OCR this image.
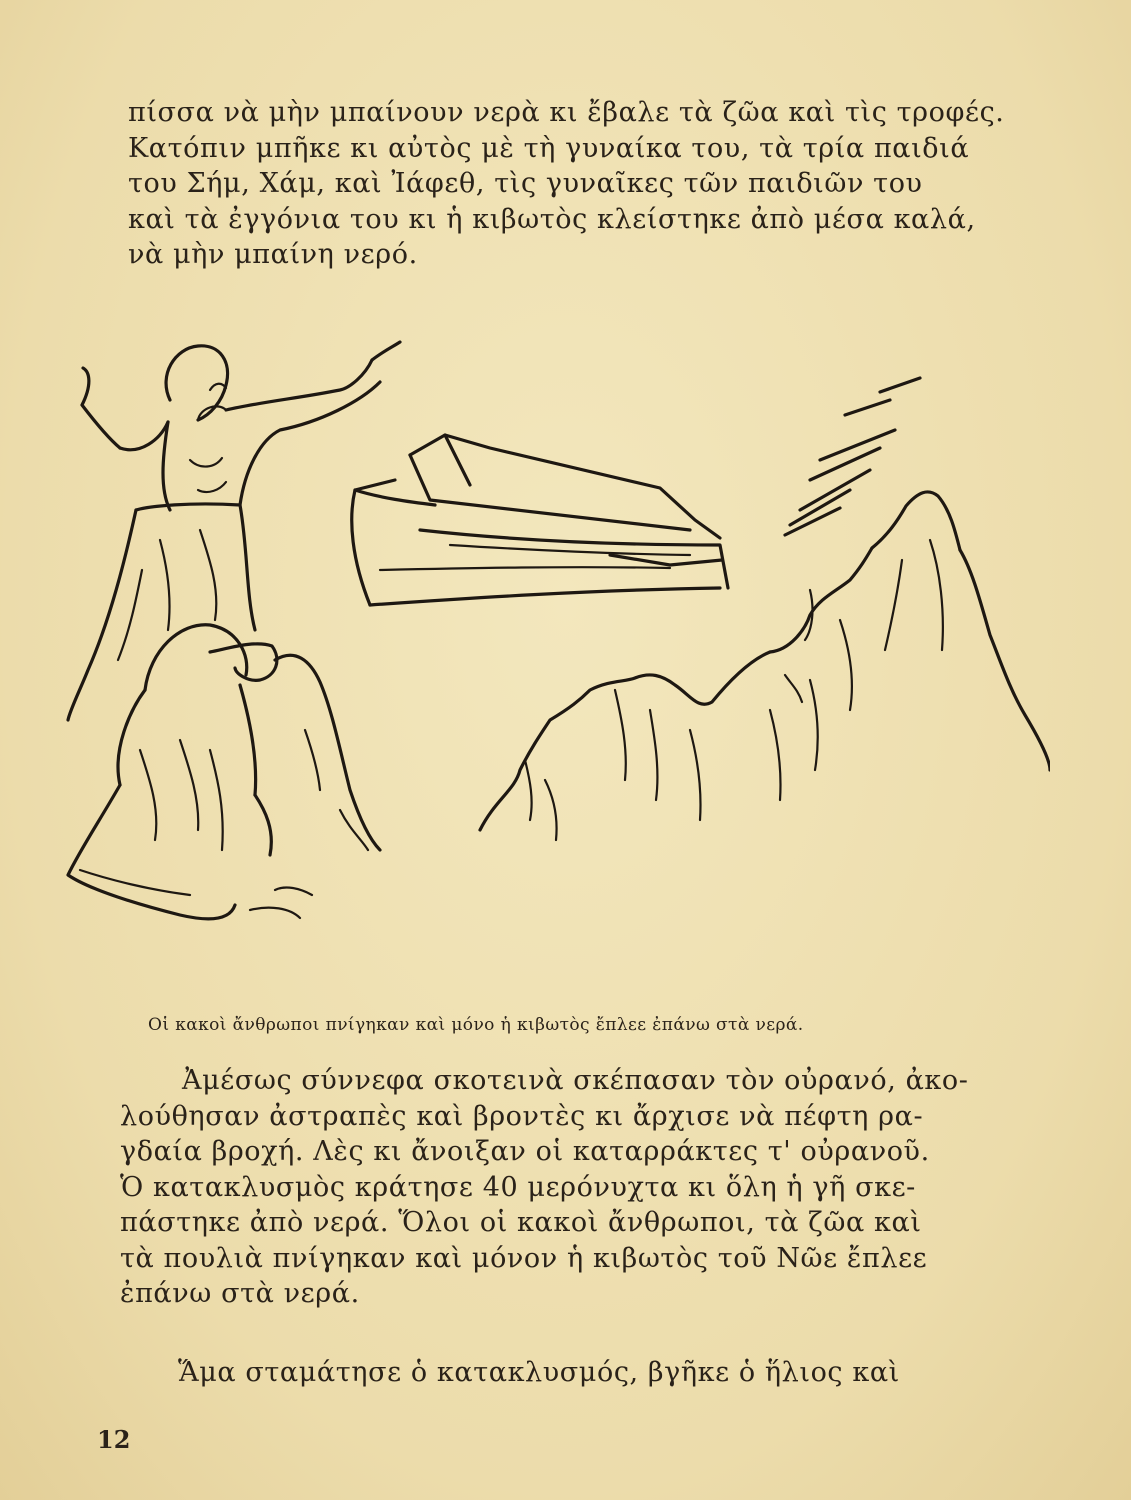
πίσσα νὰ μὴν μπαίνουν νερὰ κι ἔβαλε τὰ ζῶα καὶ τὶς τροφές.
Κατόπιν μπῆκε κι αὐτὸς μὲ τὴ γυναίκα του, τὰ τρία παιδιά
του Σήμ, Χάμ, καὶ Ἰάφεθ, τὶς γυναῖκες τῶν παιδιῶν του
καὶ τὰ ἐγγόνια του κι ἡ κιβωτὸς κλείστηκε ἀπὸ μέσα καλά,
νὰ μὴν μπαίνη νερό.

Οἱ κακοὶ ἄνθρωποι πνίγηκαν καὶ μόνο ἡ κιβωτὸς ἔπλεε ἐπάνω στὰ νερά.

Ἀμέσως σύννεφα σκοτεινὰ σκέπασαν τὸν οὐρανό, ἀκο-
λούθησαν ἀστραπὲς καὶ βροντὲς κι ἄρχισε νὰ πέφτη ρα-
γδαία βροχή. Λὲς κι ἄνοιξαν οἱ καταρράκτες τ' οὐρανοῦ.
Ὁ κατακλυσμὸς κράτησε 40 μερόνυχτα κι ὅλη ἡ γῆ σκε-
πάστηκε ἀπὸ νερά. Ὅλοι οἱ κακοὶ ἄνθρωποι, τὰ ζῶα καὶ
τὰ πουλιὰ πνίγηκαν καὶ μόνον ἡ κιβωτὸς τοῦ Νῶε ἔπλεε
ἐπάνω στὰ νερά.

Ἅμα σταμάτησε ὁ κατακλυσμός, βγῆκε ὁ ἥλιος καὶ

12
